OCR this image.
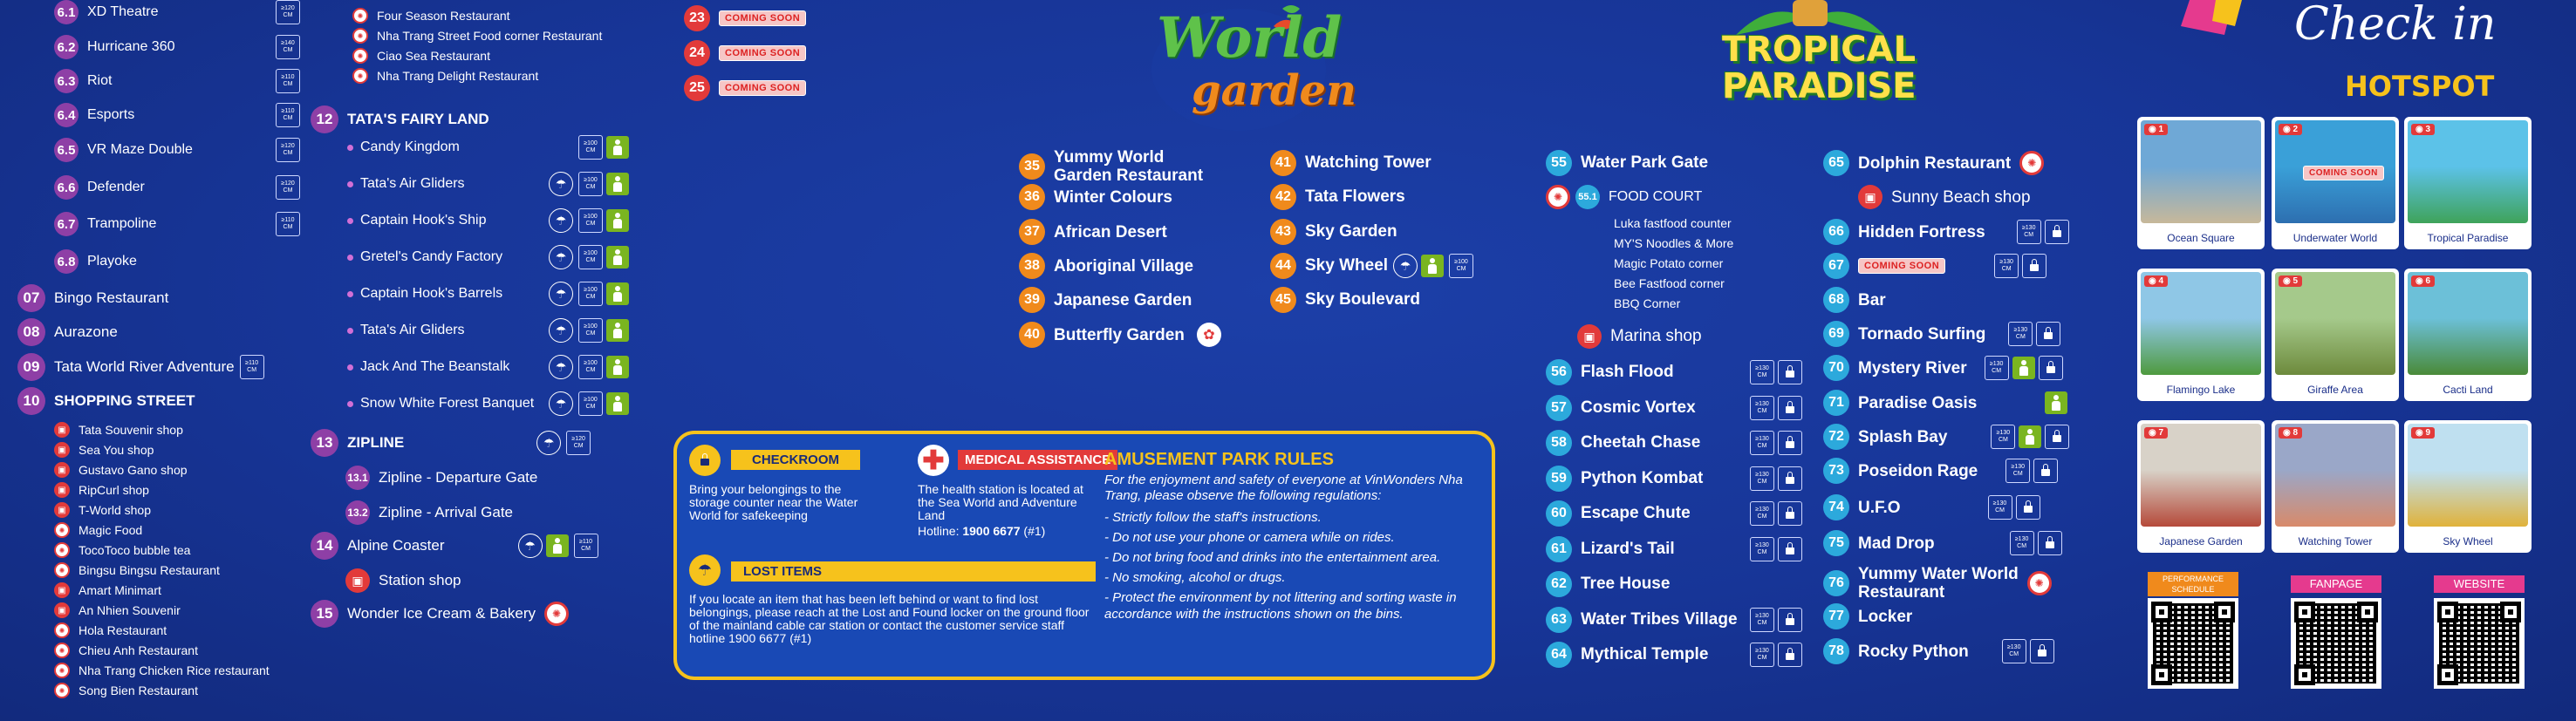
6.1 XD Theatre	≥120
CM
6.2 Hurricane 360	≥140
CM
6.3 Riot	≥110
CM
6.4 Esports	≥110
CM
6.5 VR Maze Double	≥120
CM
6.6 Defender	≥120
CM
6.7 Trampoline	≥110
CM
6.8 Playoke
07 Bingo Restaurant
08 Aurazone
09 Tata World River Adventure ≥110
CM
10 SHOPPING STREET
▣	Tata Souvenir shop
▣	Sea You shop
▣	Gustavo Gano shop
▣	RipCurl shop
▣	T-World shop
✺	Magic Food
✺	TocoToco bubble tea
✺	Bingsu Bingsu Restaurant
▣	Amart Minimart
▣	An Nhien Souvenir
✺	Hola Restaurant
✺	Chieu Anh Restaurant
✺	Nha Trang Chicken Rice restaurant
✺	Song Bien Restaurant
✺	Four Season Restaurant
✺	Nha Trang Street Food corner Restaurant
✺	Ciao Sea Restaurant
✺	Nha Trang Delight Restaurant
12 TATA'S FAIRY LAND
Candy Kingdom	≥100
CM
Tata's Air Gliders	☂	≥100
CM
Captain Hook's Ship	☂	≥100
CM
Gretel's Candy Factory	☂	≥100
CM
Captain Hook's Barrels	☂	≥100
CM
Tata's Air Gliders	☂	≥100
CM
Jack And The Beanstalk	☂	≥100
CM
Snow White Forest Banquet	☂	≥100
CM
13 ZIPLINE	☂	≥120
CM
13.1 Zipline - Departure Gate
13.2 Zipline - Arrival Gate
14 Alpine Coaster	☂	≥110
CM
▣	Station shop
15 Wonder Ice Cream & Bakery	✺
23	COMING SOON
24	COMING SOON
25	COMING SOON
World
garden
35 Yummy World
Garden Restaurant
36 Winter Colours
37 African Desert
38 Aboriginal Village
39 Japanese Garden
40 Butterfly Garden	✿
41 Watching Tower
42 Tata Flowers
43 Sky Garden
44 Sky Wheel ☂	≥100
CM
45 Sky Boulevard
CHECKROOM
Bring your belongings to the storage counter near the Water World for safekeeping
✚	MEDICAL ASSISTANCE
The health station is located at the Sea World and Adventure Land
Hotline: 1900 6677 (#1)
☂	LOST ITEMS
If you locate an item that has been left behind or want to find lost belongings, please reach at the Lost and Found locker on the ground floor of the mainland cable car station or contact the customer service staff hotline 1900 6677 (#1)
AMUSEMENT PARK RULES
For the enjoyment and safety of everyone at VinWonders Nha Trang, please observe the following regulations:
- Strictly follow the staff's instructions.
- Do not use your phone or camera while on rides.
- Do not bring food and drinks into the entertainment area.
- No smoking, alcohol or drugs.
- Protect the environment by not littering and sorting waste in accordance with the instructions shown on the bins.
TROPICAL
PARADISE
55 Water Park Gate
✺	55.1 FOOD COURT
Luka fastfood counter
MY'S Noodles & More
Magic Potato corner
Bee Fastfood corner
BBQ Corner
▣ Marina shop
56 Flash Flood	≥130
CM
57 Cosmic Vortex	≥130
CM
58 Cheetah Chase	≥130
CM
59 Python Kombat	≥130
CM
60 Escape Chute	≥130
CM
61 Lizard's Tail	≥130
CM
62 Tree House
63 Water Tribes Village	≥130
CM
64 Mythical Temple	≥130
CM
65 Dolphin Restaurant	✺
▣ Sunny Beach shop
66 Hidden Fortress	≥130
CM
67	COMING SOON	≥130
CM
68 Bar
69 Tornado Surfing	≥130
CM
70 Mystery River	≥130
CM
71 Paradise Oasis
72 Splash Bay	≥130
CM
73 Poseidon Rage	≥130
CM
74 U.F.O	≥130
CM
75 Mad Drop	≥130
CM
76 Yummy Water World
Restaurant	✺
77 Locker
78 Rocky Python	≥130
CM
Check in
HOTSPOT
◉ 1
Ocean Square
◉ 2
COMING SOON
Underwater World
◉ 3
Tropical Paradise
◉ 4
Flamingo Lake
◉ 5
Giraffe Area
◉ 6
Cacti Land
◉ 7
Japanese Garden
◉ 8
Watching Tower
◉ 9
Sky Wheel
PERFORMANCE
SCHEDULE	FANPAGE	WEBSITE
